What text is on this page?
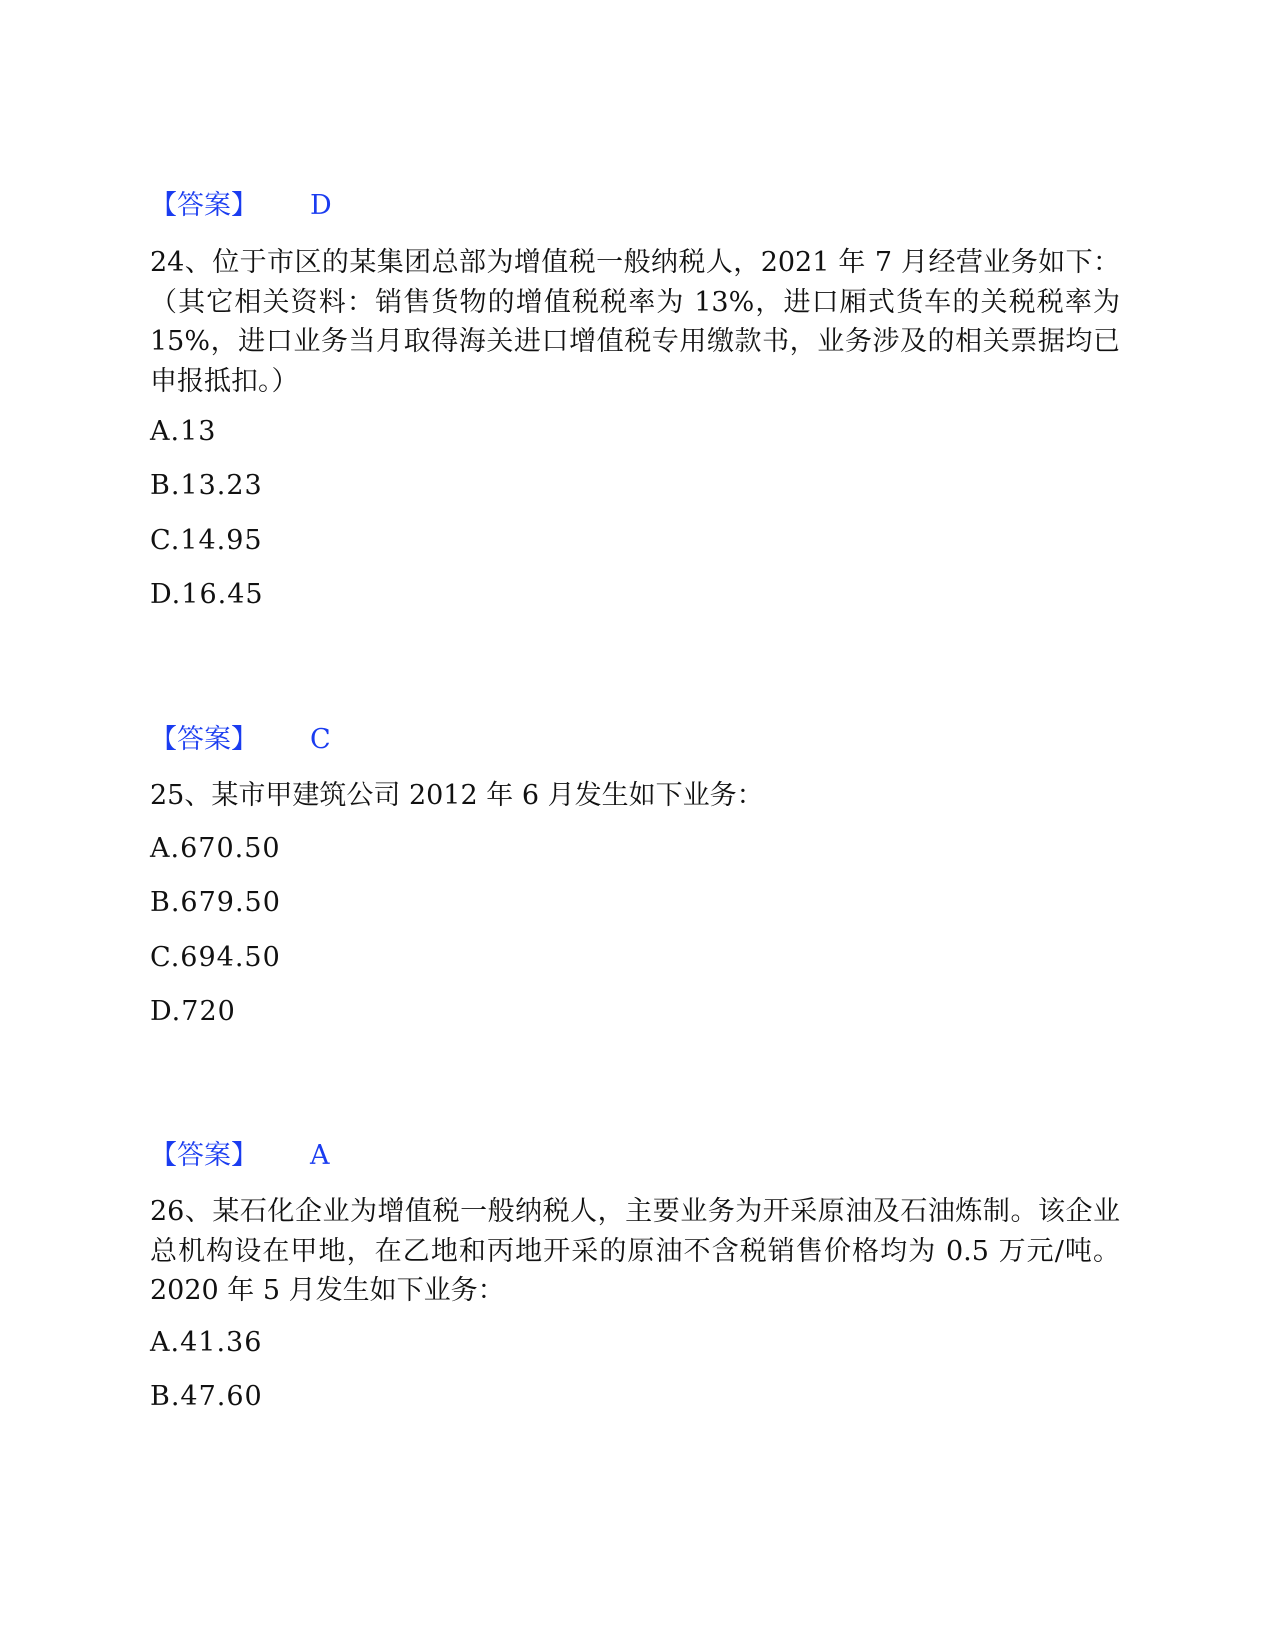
【答案】 D
24、位于市区的某集团总部为增值税一般纳税人，2021 年 7 月经营业务如下：（其它相关资料：销售货物的增值税税率为 13%，进口厢式货车的关税税率为 15%，进口业务当月取得海关进口增值税专用缴款书，业务涉及的相关票据均已申报抵扣。）
A.13
B.13.23
C.14.95
D.16.45
【答案】 C
25、某市甲建筑公司 2012 年 6 月发生如下业务：
A.670.50
B.679.50
C.694.50
D.720
【答案】 A
26、某石化企业为增值税一般纳税人，主要业务为开采原油及石油炼制。该企业总机构设在甲地，在乙地和丙地开采的原油不含税销售价格均为 0.5 万元/吨。2020 年 5 月发生如下业务：
A.41.36
B.47.60
